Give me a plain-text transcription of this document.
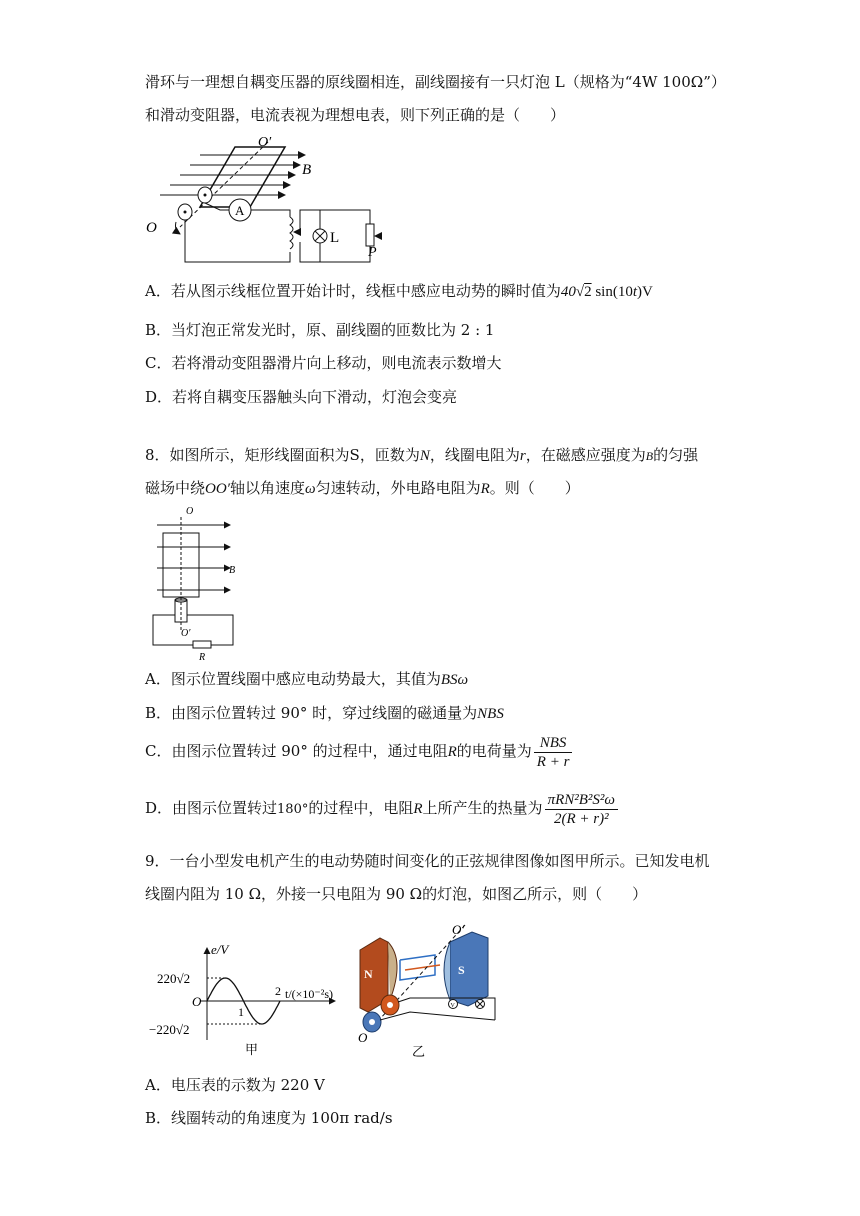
滑环与一理想自耦变压器的原线圈相连，副线圈接有一只灯泡 L（规格为“4W 100Ω”）
和滑动变阻器，电流表视为理想电表，则下列正确的是（　　）
O′
B
O
A
L
P
A．若从图示线框位置开始计时，线框中感应电动势的瞬时值为40√2 sin(10t)V
B．当灯泡正常发光时，原、副线圈的匝数比为 2 : 1
C．若将滑动变阻器滑片向上移动，则电流表示数增大
D．若将自耦变压器触头向下滑动，灯泡会变亮
8．如图所示，矩形线圈面积为S，匝数为N，线圈电阻为r，在磁感应强度为B的匀强
磁场中绕OO′轴以角速度ω匀速转动，外电路电阻为R。则（　　）
O
B
O′
R
A．图示位置线圈中感应电动势最大，其值为BSω
B．由图示位置转过 90° 时，穿过线圈的磁通量为NBS
C．由图示位置转过 90° 的过程中，通过电阻R的电荷量为 $\frac{\text{NBS}}{R + r}$
D．由图示位置转过180°的过程中，电阻R上所产生的热量为 $\frac{\text{πRN²B²S²ω}}{\text{2(R + r)²}}$
9．一台小型发电机产生的电动势随时间变化的正弦规律图像如图甲所示。已知发电机
线圈内阻为 10 Ω，外接一只电阻为 90 Ω的灯泡，如图乙所示，则（　　）
e/V
t/(×10⁻²s)
220√2
−220√2
O
1
2
甲
N	S
O′
V
O
乙
A．电压表的示数为 220 V
B．线圈转动的角速度为 100π rad/s
